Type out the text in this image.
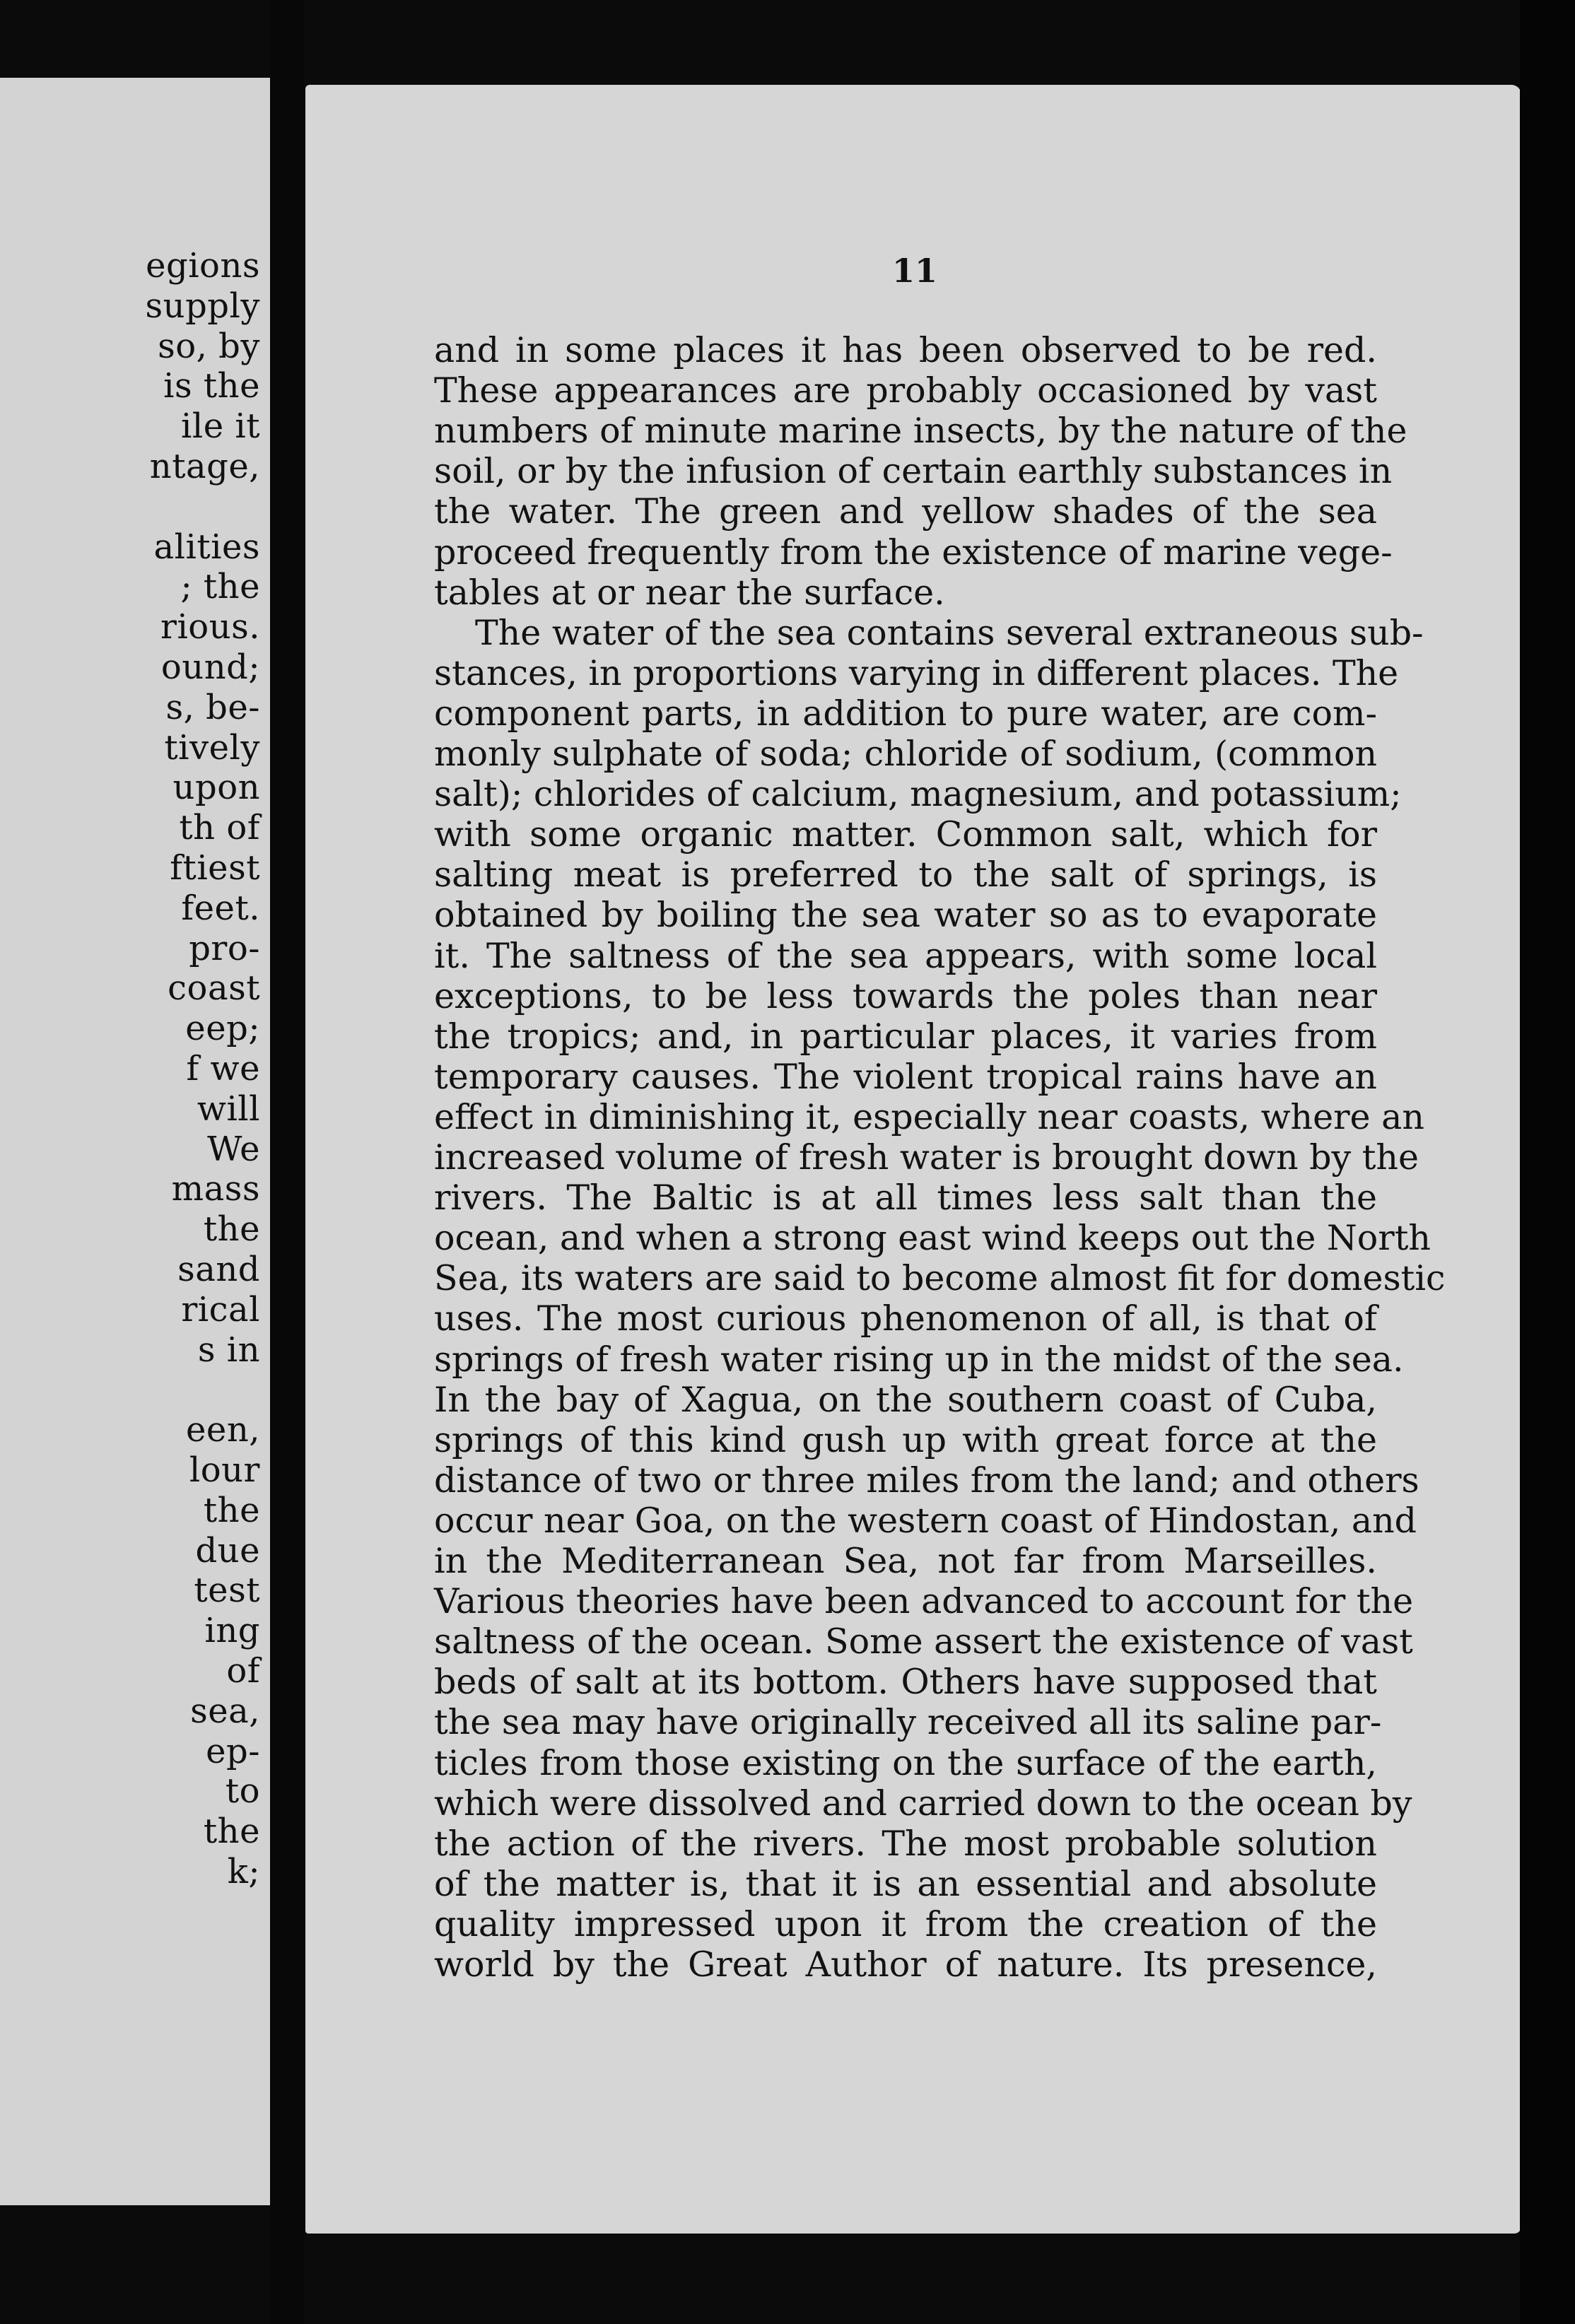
egions
supply
so, by
is the
ile it
ntage,
alities
; the
rious.
ound;
s, be-
tively
upon
th of
ftiest
feet.
pro-
coast
eep;
f we
will
We
mass
the
sand
rical
s in
een,
lour
the
due
test
ing
of
sea,
ep-
to
the
k;
11
and in some places it has been observed to be red.
These appearances are probably occasioned by vast
numbers of minute marine insects, by the nature of the
soil, or by the infusion of certain earthly substances in
the water. The green and yellow shades of the sea
proceed frequently from the existence of marine vege-
tables at or near the surface.
The water of the sea contains several extraneous sub-
stances, in proportions varying in different places. The
component parts, in addition to pure water, are com-
monly sulphate of soda; chloride of sodium, (common
salt); chlorides of calcium, magnesium, and potassium;
with some organic matter. Common salt, which for
salting meat is preferred to the salt of springs, is
obtained by boiling the sea water so as to evaporate
it. The saltness of the sea appears, with some local
exceptions, to be less towards the poles than near
the tropics; and, in particular places, it varies from
temporary causes. The violent tropical rains have an
effect in diminishing it, especially near coasts, where an
increased volume of fresh water is brought down by the
rivers. The Baltic is at all times less salt than the
ocean, and when a strong east wind keeps out the North
Sea, its waters are said to become almost fit for domestic
uses. The most curious phenomenon of all, is that of
springs of fresh water rising up in the midst of the sea.
In the bay of Xagua, on the southern coast of Cuba,
springs of this kind gush up with great force at the
distance of two or three miles from the land; and others
occur near Goa, on the western coast of Hindostan, and
in the Mediterranean Sea, not far from Marseilles.
Various theories have been advanced to account for the
saltness of the ocean. Some assert the existence of vast
beds of salt at its bottom. Others have supposed that
the sea may have originally received all its saline par-
ticles from those existing on the surface of the earth,
which were dissolved and carried down to the ocean by
the action of the rivers. The most probable solution
of the matter is, that it is an essential and absolute
quality impressed upon it from the creation of the
world by the Great Author of nature. Its presence,
